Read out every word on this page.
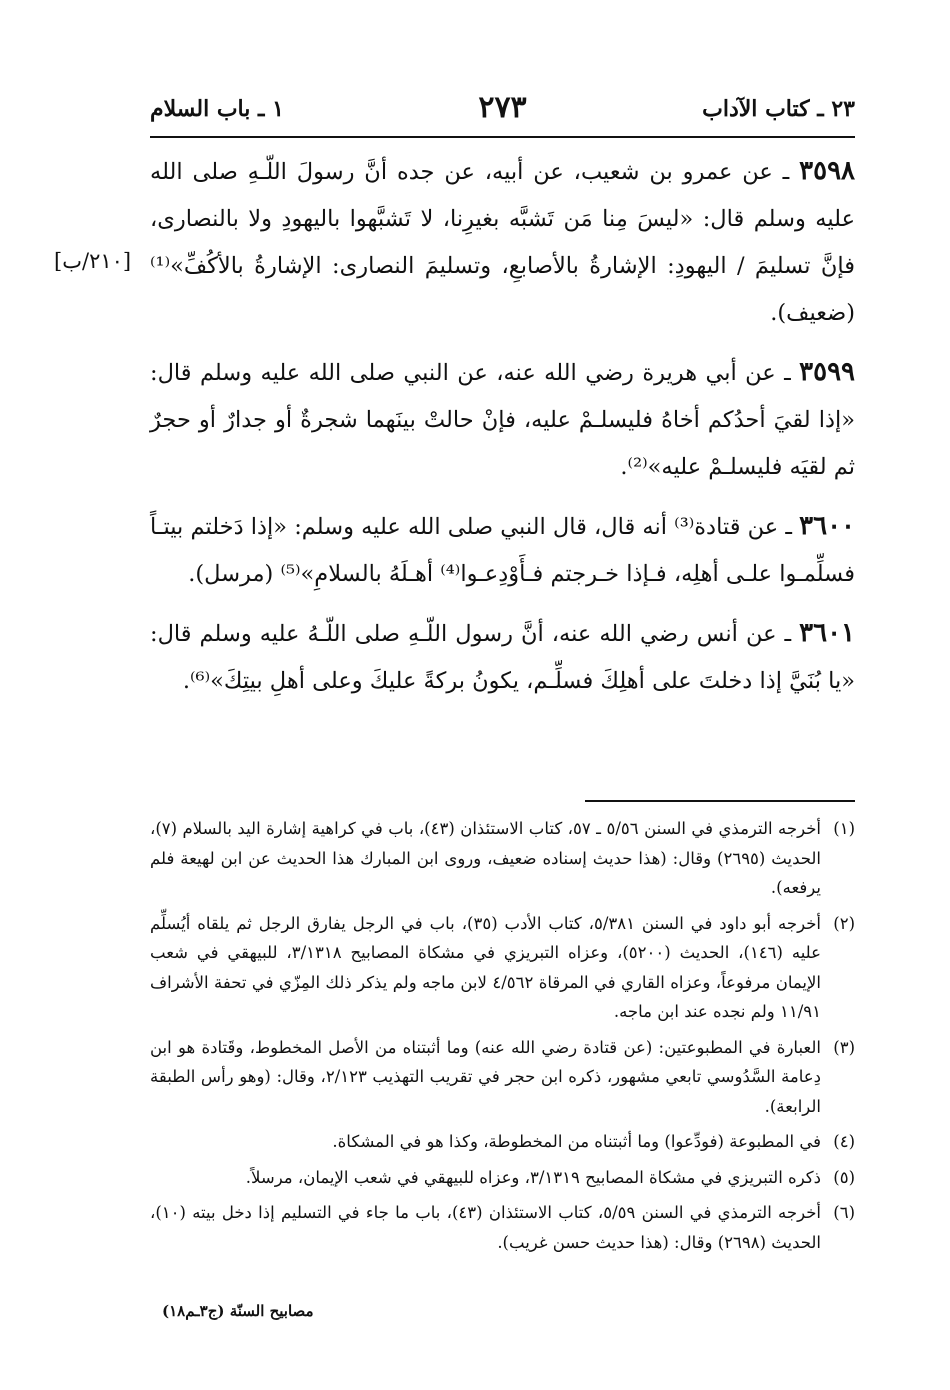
٢٣ ـ كتاب الآداب
٢٧٣
١ ـ باب السلام
[٢١٠/ب]

٣٥٩٨ ـ عن عمرو بن شعيب، عن أبيه، عن جده أنَّ رسولَ اللّـهِ صلى الله عليه وسلم قال: «ليسَ مِنا مَن تَشبَّه بغيرِنا، لا تَشبَّهوا باليهودِ ولا بالنصارى، فإنَّ تسليمَ / اليهودِ: الإشارةُ بالأصابعِ، وتسليمَ النصارى: الإشارةُ بالأكُفِّ»⁽¹⁾ (ضعيف).

٣٥٩٩ ـ عن أبي هريرة رضي الله عنه، عن النبي صلى الله عليه وسلم قال: «إذا لقيَ أحدُكم أخاهُ فليسلـمْ عليه، فإنْ حالتْ بينَهما شجرةٌ أو جدارٌ أو حجرٌ ثم لقيَه فليسلـمْ عليه»⁽²⁾.

٣٦٠٠ ـ عن قتادة⁽³⁾ أنه قال، قال النبي صلى الله عليه وسلم: «إذا دَخلتم بيتـاً فسلِّمـوا علـى أهلِه، فـإذا خـرجتم فـأَوْدِعـوا⁽⁴⁾ أهـلَهُ بالسلامِ»⁽⁵⁾ (مرسل).

٣٦٠١ ـ عن أنس رضي الله عنه، أنَّ رسول اللّـهِ صلى اللّـهُ عليه وسلم قال: «يا بُنَيَّ إذا دخلتَ على أهلِكَ فسلِّـم، يكونُ بركةً عليكَ وعلى أهلِ بيتِكَ»⁽⁶⁾.

(١)
أخرجه الترمذي في السنن ٥/٥٦ ـ ٥٧، كتاب الاستئذان (٤٣)، باب في كراهية إشارة اليد بالسلام (٧)، الحديث (٢٦٩٥) وقال: (هذا حديث إسناده ضعيف، وروى ابن المبارك هذا الحديث عن ابن لهيعة فلم يرفعه).
(٢)
أخرجه أبو داود في السنن ٥/٣٨١، كتاب الأدب (٣٥)، باب في الرجل يفارق الرجل ثم يلقاه أيُسلِّم عليه (١٤٦)، الحديث (٥٢٠٠)، وعزاه التبريزي في مشكاة المصابيح ٣/١٣١٨، للبيهقي في شعب الإيمان مرفوعاً، وعزاه القاري في المرقاة ٤/٥٦٢ لابن ماجه ولم يذكر ذلك المِزّي في تحفة الأشراف ١١/٩١ ولم نجده عند ابن ماجه.
(٣)
العبارة في المطبوعتين: (عن قتادة رضي الله عنه) وما أثبتناه من الأصل المخطوط، وقَتادة هو ابن دِعامة السَّدُوسي تابعي مشهور، ذكره ابن حجر في تقريب التهذيب ٢/١٢٣، وقال: (وهو رأس الطبقة الرابعة).
(٤)
في المطبوعة (فودِّعوا) وما أثبتناه من المخطوطة، وكذا هو في المشكاة.
(٥)
ذكره التبريزي في مشكاة المصابيح ٣/١٣١٩، وعزاه للبيهقي في شعب الإيمان، مرسلاً.
(٦)
أخرجه الترمذي في السنن ٥/٥٩، كتاب الاستئذان (٤٣)، باب ما جاء في التسليم إذا دخل بيته (١٠)، الحديث (٢٦٩٨) وقال: (هذا حديث حسن غريب).
مصابيح السنّة (ج٣ـم١٨)
